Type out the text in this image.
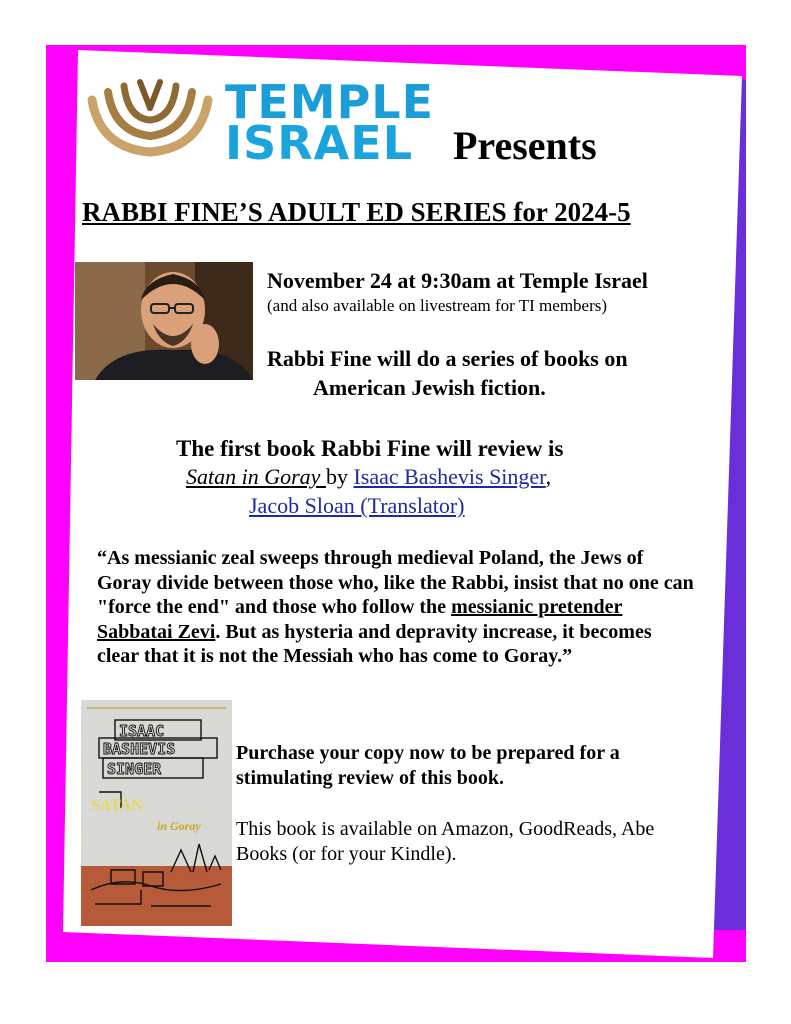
TEMPLE
ISRAEL Presents
RABBI FINE’S ADULT ED SERIES for 2024-5
November 24 at 9:30am at Temple Israel
(and also available on livestream for TI members)
Rabbi Fine will do a series of books on
American Jewish fiction.
The first book Rabbi Fine will review is
Satan in Goray by Isaac Bashevis Singer,
Jacob Sloan (Translator)
“As messianic zeal sweeps through medieval Poland, the Jews of Goray divide between those who, like the Rabbi, insist that no one can "force the end" and those who follow the messianic pretender Sabbatai Zevi. But as hysteria and depravity increase, it becomes clear that it is not the Messiah who has come to Goray.”
ISAAC
BASHEVIS
SINGER
SATAN
in Goray
Purchase your copy now to be prepared for a stimulating review of this book.
This book is available on Amazon, GoodReads, Abe Books (or for your Kindle).
